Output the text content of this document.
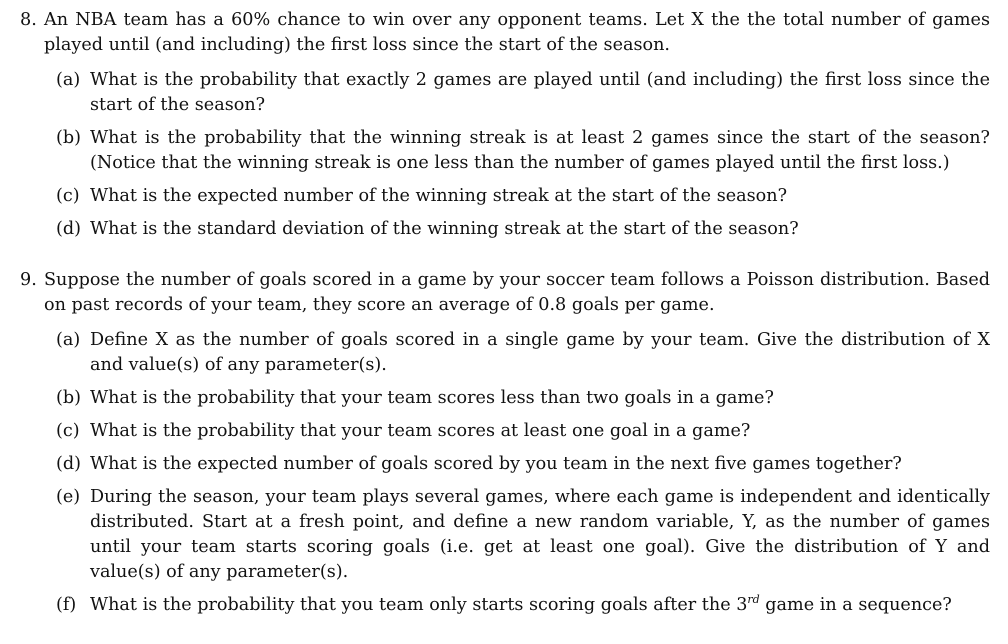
8. An NBA team has a 60% chance to win over any opponent teams. Let X the the total number of games played until (and including) the first loss since the start of the season.
(a) What is the probability that exactly 2 games are played until (and including) the first loss since the start of the season?
(b) What is the probability that the winning streak is at least 2 games since the start of the season? (Notice that the winning streak is one less than the number of games played until the first loss.)
(c) What is the expected number of the winning streak at the start of the season?
(d) What is the standard deviation of the winning streak at the start of the season?
9. Suppose the number of goals scored in a game by your soccer team follows a Poisson distribution. Based on past records of your team, they score an average of 0.8 goals per game.
(a) Define X as the number of goals scored in a single game by your team. Give the distribution of X and value(s) of any parameter(s).
(b) What is the probability that your team scores less than two goals in a game?
(c) What is the probability that your team scores at least one goal in a game?
(d) What is the expected number of goals scored by you team in the next five games together?
(e) During the season, your team plays several games, where each game is independent and identically distributed. Start at a fresh point, and define a new random variable, Y, as the number of games until your team starts scoring goals (i.e. get at least one goal). Give the distribution of Y and value(s) of any parameter(s).
(f) What is the probability that you team only starts scoring goals after the 3rd game in a sequence?
